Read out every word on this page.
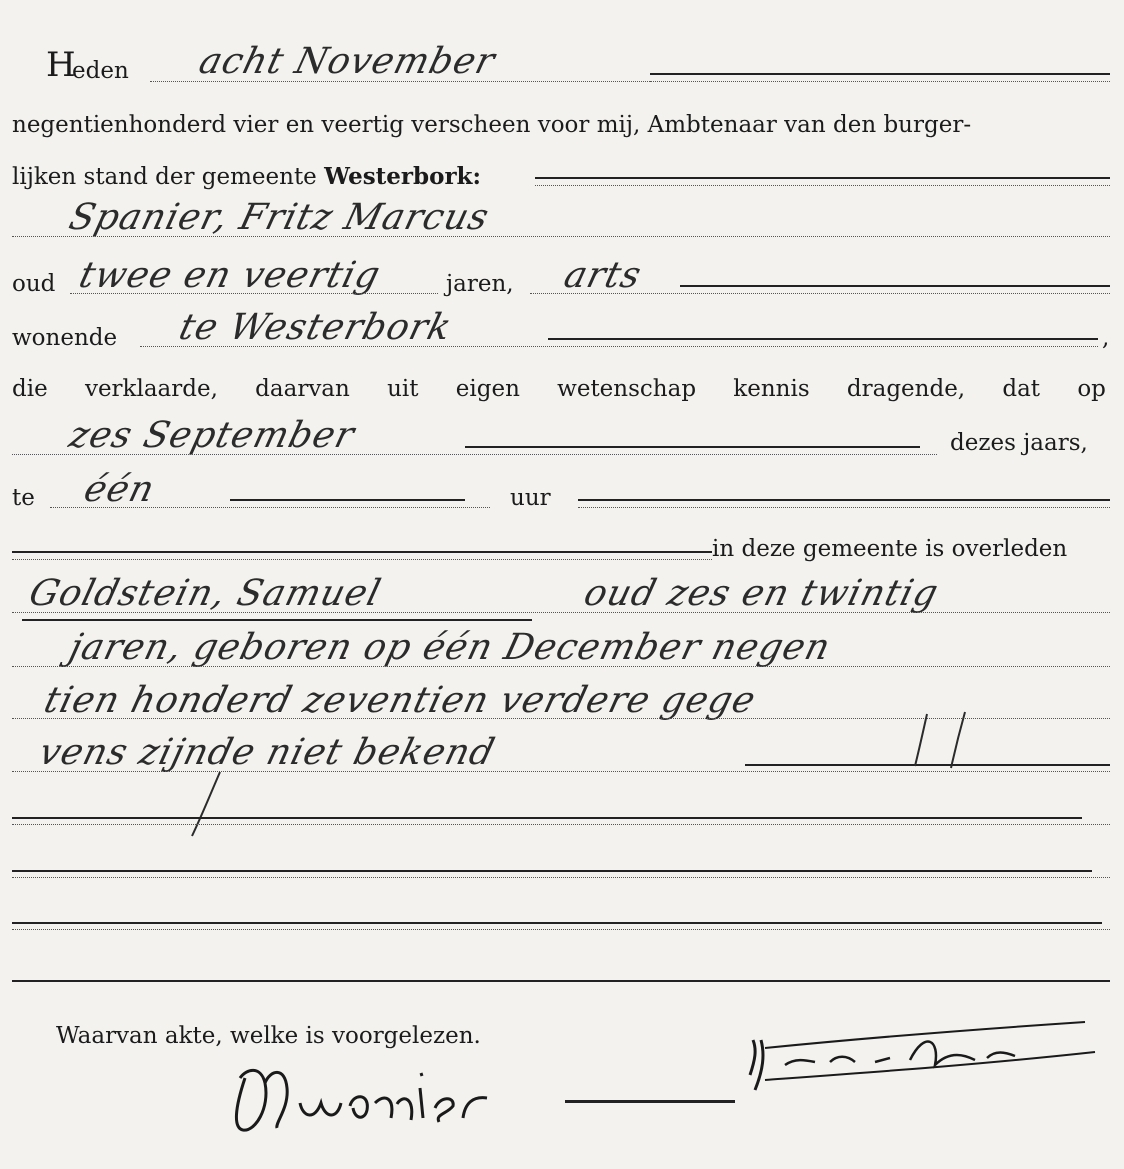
H
eden acht November
negentienhonderd vier en veertig verscheen voor mij, Ambtenaar van den burger-
lijken stand der gemeente Westerbork:
Spanier, Fritz Marcus
oud twee en veertig	jaren, arts
wonende te Westerbork	,
die verklaarde, daarvan uit eigen wetenschap kennis dragende, dat op
zes September	dezes jaars,
te één	uur
in deze gemeente is overleden
Goldstein, Samuel	oud zes en twintig
jaren, geboren op één December negen
tien honderd zeventien verdere gege
vens zijnde niet bekend
Waarvan akte, welke is voorgelezen.
